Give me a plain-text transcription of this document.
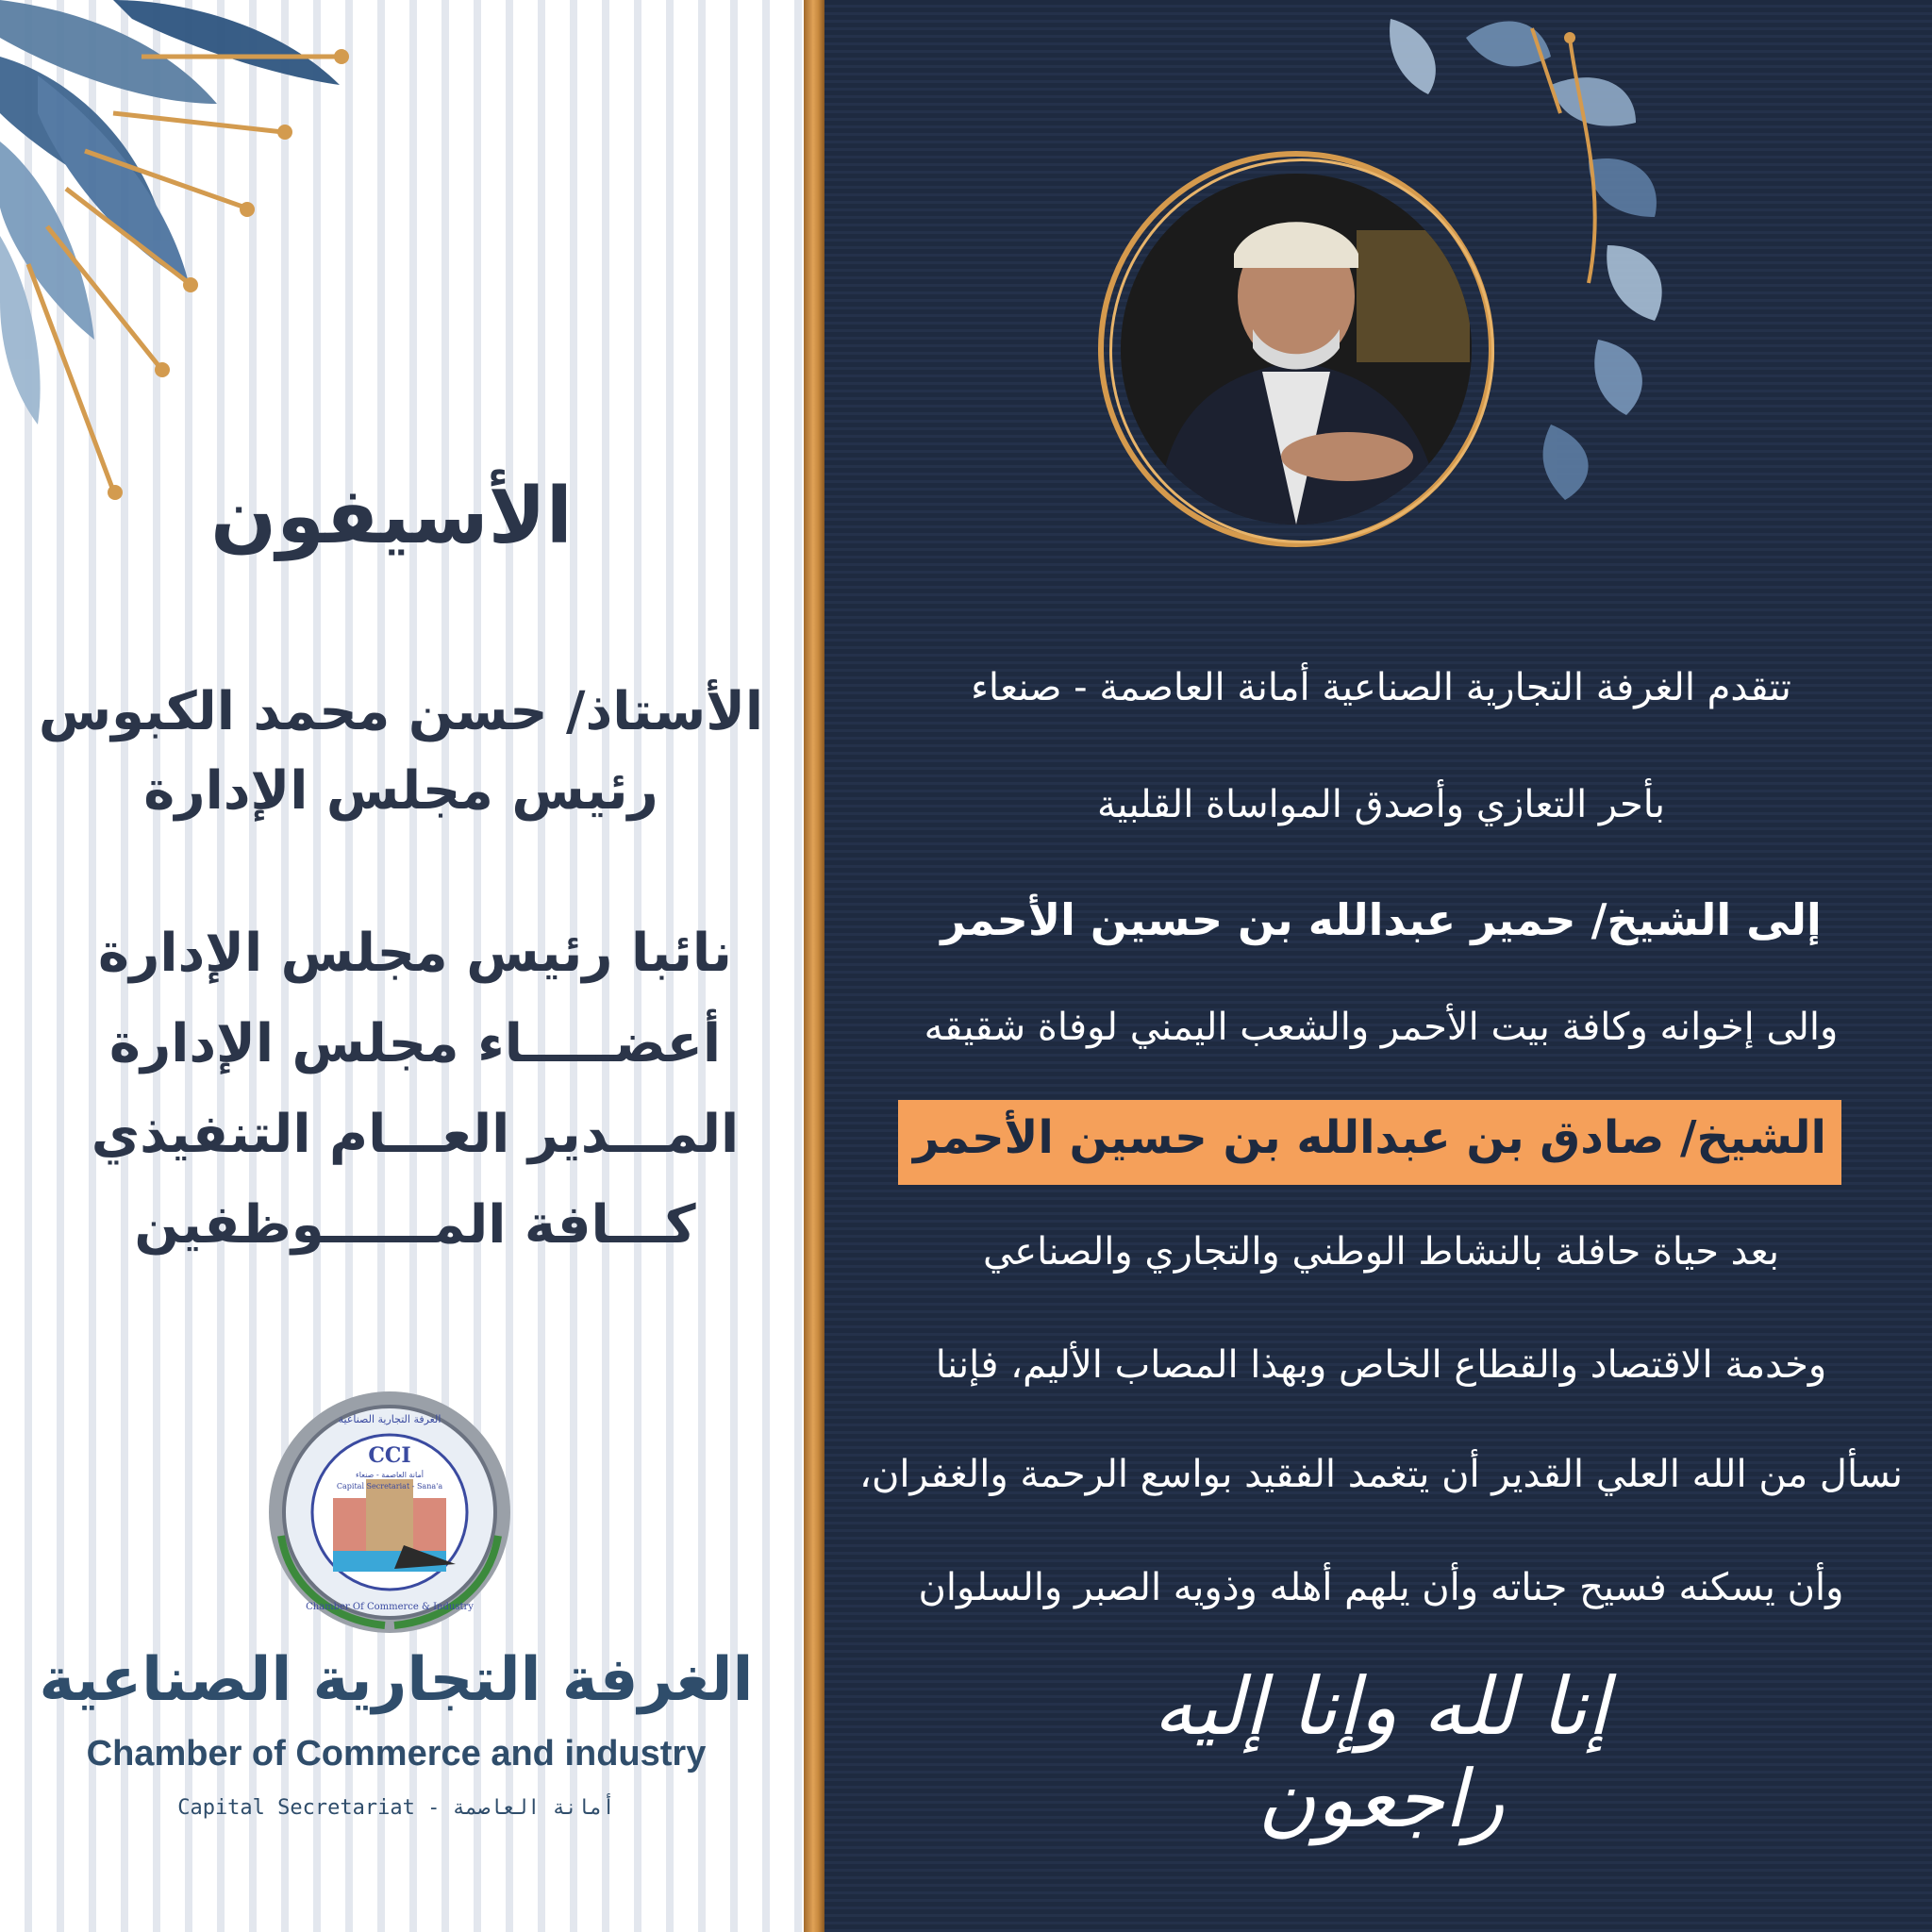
الأسيفون
الأستاذ/ حسن محمد الكبوس
رئيس مجلس الإدارة
نائبا رئيس مجلس الإدارة
أعضـــــاء مجلس الإدارة
المـــدير العـــام التنفيذي
كـــافة المــــــوظفين
CCI
أمانة العاصمة - صنعاء
Capital Secretariat - Sana'a
الغرفة التجارية الصناعية
Chamber Of Commerce & Industry
الغرفة التجارية الصناعية
Chamber of Commerce and industry
Capital Secretariat - أمانة العاصمة
تتقدم الغرفة التجارية الصناعية أمانة العاصمة - صنعاء
بأحر التعازي وأصدق المواساة القلبية
إلى الشيخ/ حمير عبدالله بن حسين الأحمر
والى إخوانه وكافة بيت الأحمر والشعب اليمني لوفاة شقيقه
الشيخ/ صادق بن عبدالله بن حسين الأحمر
بعد حياة حافلة بالنشاط الوطني والتجاري والصناعي
وخدمة الاقتصاد والقطاع الخاص وبهذا المصاب الأليم، فإننا
نسأل من الله العلي القدير أن يتغمد الفقيد بواسع الرحمة والغفران،
وأن يسكنه فسيح جناته وأن يلهم أهله وذويه الصبر والسلوان
إنا لله وإنا إليه راجعون
